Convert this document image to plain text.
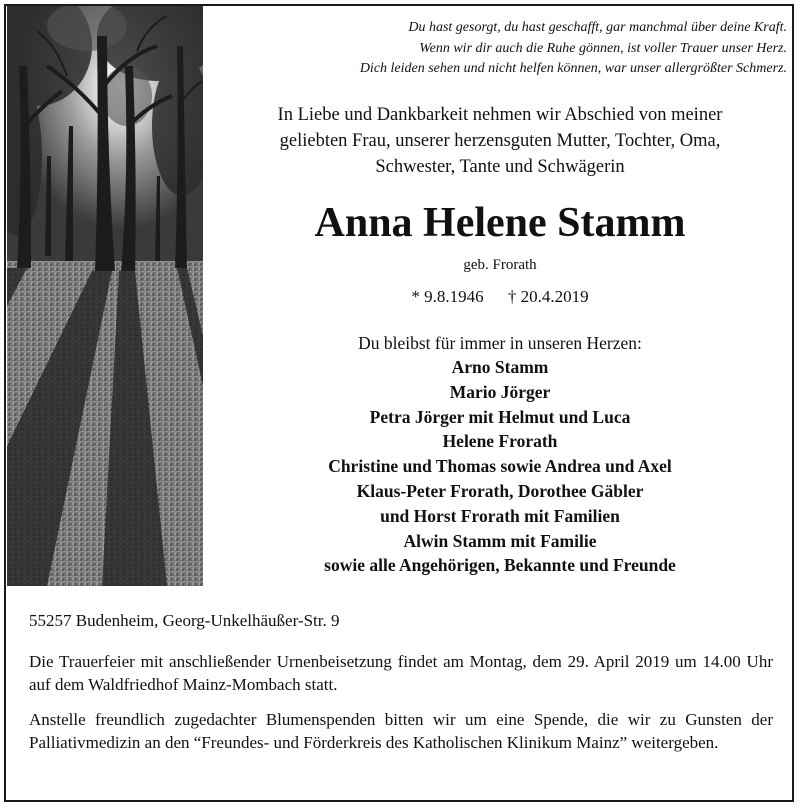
Du hast gesorgt, du hast geschafft, gar manchmal über deine Kraft.
Wenn wir dir auch die Ruhe gönnen, ist voller Trauer unser Herz.
Dich leiden sehen und nicht helfen können, war unser allergrößter Schmerz.
In Liebe und Dankbarkeit nehmen wir Abschied von meiner
geliebten Frau, unserer herzensguten Mutter, Tochter, Oma,
Schwester, Tante und Schwägerin
Anna Helene Stamm
geb. Frorath
* 9.8.1946 † 20.4.2019
Du bleibst für immer in unseren Herzen:
Arno Stamm
Mario Jörger
Petra Jörger mit Helmut und Luca
Helene Frorath
Christine und Thomas sowie Andrea und Axel
Klaus-Peter Frorath, Dorothee Gäbler
und Horst Frorath mit Familien
Alwin Stamm mit Familie
sowie alle Angehörigen, Bekannte und Freunde
55257 Budenheim, Georg-Unkelhäußer-Str. 9
Die Trauerfeier mit anschließender Urnenbeisetzung findet am Montag, dem 29. April 2019 um 14.00 Uhr auf dem Waldfriedhof Mainz-Mombach statt.
Anstelle freundlich zugedachter Blumenspenden bitten wir um eine Spende, die wir zu Gunsten der Palliativmedizin an den “Freundes- und Förderkreis des Katholischen Klinikum Mainz” weitergeben.
